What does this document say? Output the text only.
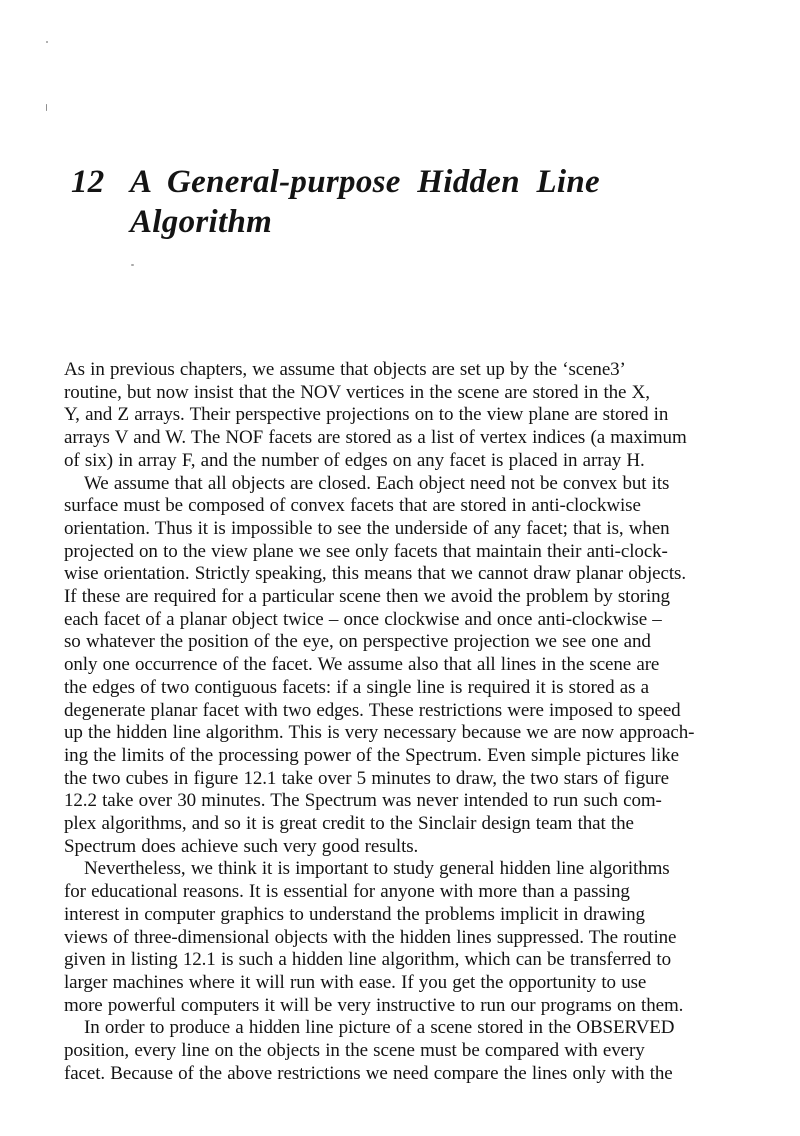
12 A General-purpose Hidden Line
Algorithm
As in previous chapters, we assume that objects are set up by the ‘scene3’
routine, but now insist that the NOV vertices in the scene are stored in the X,
Y, and Z arrays. Their perspective projections on to the view plane are stored in
arrays V and W. The NOF facets are stored as a list of vertex indices (a maximum
of six) in array F, and the number of edges on any facet is placed in array H.
We assume that all objects are closed. Each object need not be convex but its
surface must be composed of convex facets that are stored in anti-clockwise
orientation. Thus it is impossible to see the underside of any facet; that is, when
projected on to the view plane we see only facets that maintain their anti-clock-
wise orientation. Strictly speaking, this means that we cannot draw planar objects.
If these are required for a particular scene then we avoid the problem by storing
each facet of a planar object twice – once clockwise and once anti-clockwise –
so whatever the position of the eye, on perspective projection we see one and
only one occurrence of the facet. We assume also that all lines in the scene are
the edges of two contiguous facets: if a single line is required it is stored as a
degenerate planar facet with two edges. These restrictions were imposed to speed
up the hidden line algorithm. This is very necessary because we are now approach-
ing the limits of the processing power of the Spectrum. Even simple pictures like
the two cubes in figure 12.1 take over 5 minutes to draw, the two stars of figure
12.2 take over 30 minutes. The Spectrum was never intended to run such com-
plex algorithms, and so it is great credit to the Sinclair design team that the
Spectrum does achieve such very good results.
Nevertheless, we think it is important to study general hidden line algorithms
for educational reasons. It is essential for anyone with more than a passing
interest in computer graphics to understand the problems implicit in drawing
views of three-dimensional objects with the hidden lines suppressed. The routine
given in listing 12.1 is such a hidden line algorithm, which can be transferred to
larger machines where it will run with ease. If you get the opportunity to use
more powerful computers it will be very instructive to run our programs on them.
In order to produce a hidden line picture of a scene stored in the OBSERVED
position, every line on the objects in the scene must be compared with every
facet. Because of the above restrictions we need compare the lines only with the
